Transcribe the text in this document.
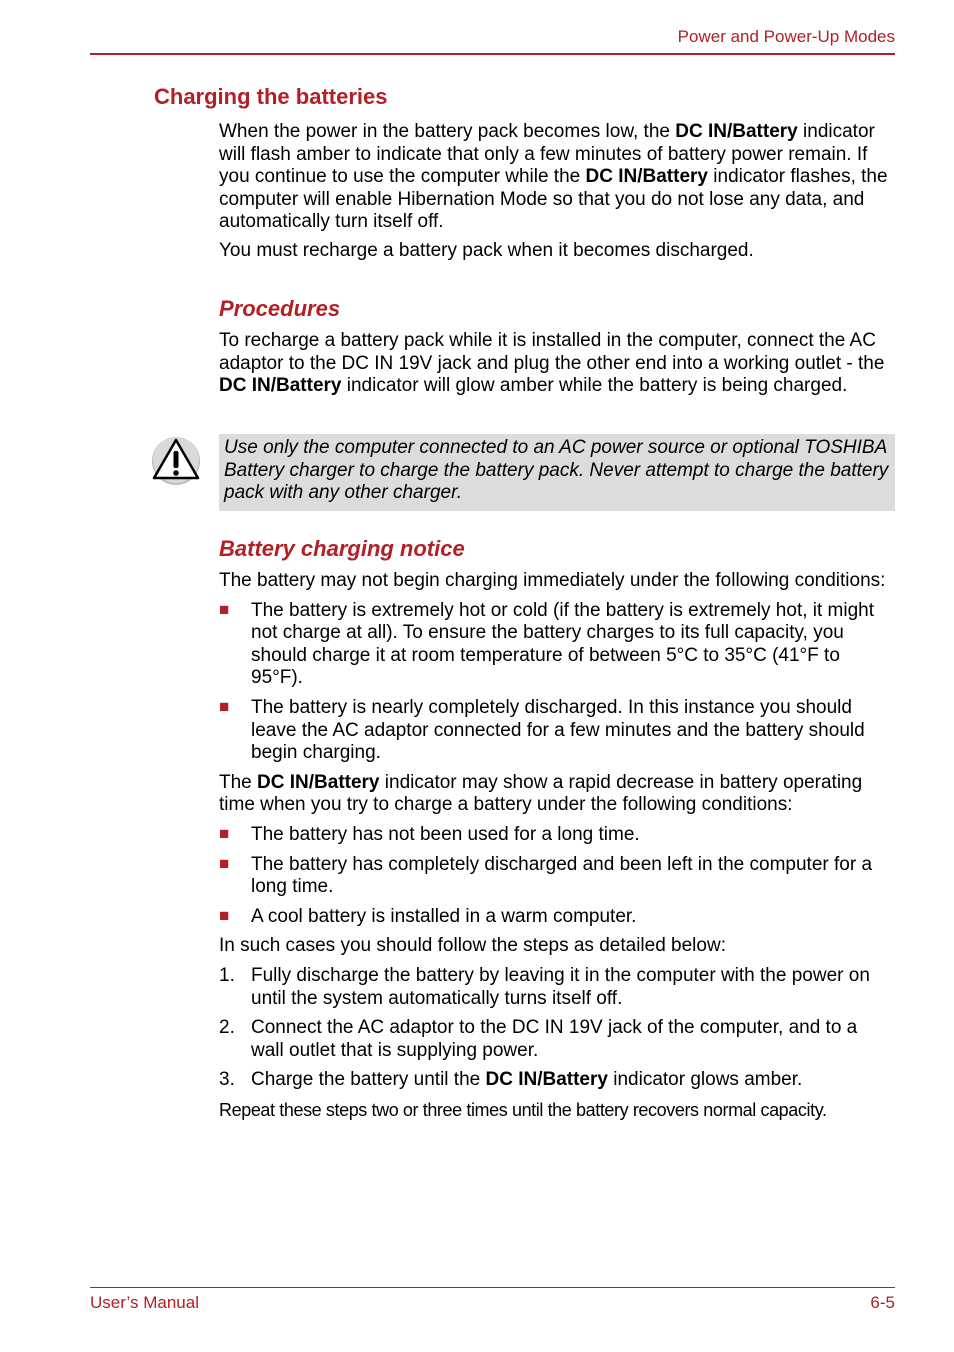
Power and Power-Up Modes
Charging the batteries

When the power in the battery pack becomes low, the DC IN/Battery indicator will flash amber to indicate that only a few minutes of battery power remain. If you continue to use the computer while the DC IN/Battery indicator flashes, the computer will enable Hibernation Mode so that you do not lose any data, and automatically turn itself off.

You must recharge a battery pack when it becomes discharged.

Procedures

To recharge a battery pack while it is installed in the computer, connect the AC adaptor to the DC IN 19V jack and plug the other end into a working outlet - the DC IN/Battery indicator will glow amber while the battery is being charged.

Use only the computer connected to an AC power source or optional TOSHIBA Battery charger to charge the battery pack. Never attempt to charge the battery pack with any other charger.
Battery charging notice

The battery may not begin charging immediately under the following conditions:

■ The battery is extremely hot or cold (if the battery is extremely hot, it might not charge at all). To ensure the battery charges to its full capacity, you should charge it at room temperature of between 5°C to 35°C (41°F to 95°F).

■ The battery is nearly completely discharged. In this instance you should leave the AC adaptor connected for a few minutes and the battery should begin charging.

The DC IN/Battery indicator may show a rapid decrease in battery operating time when you try to charge a battery under the following conditions:

■ The battery has not been used for a long time.

■ The battery has completely discharged and been left in the computer for a long time.

■ A cool battery is installed in a warm computer.

In such cases you should follow the steps as detailed below:

1. Fully discharge the battery by leaving it in the computer with the power on until the system automatically turns itself off.

2. Connect the AC adaptor to the DC IN 19V jack of the computer, and to a wall outlet that is supplying power.

3. Charge the battery until the DC IN/Battery indicator glows amber.

Repeat these steps two or three times until the battery recovers normal capacity.

User’s Manual	6-5
